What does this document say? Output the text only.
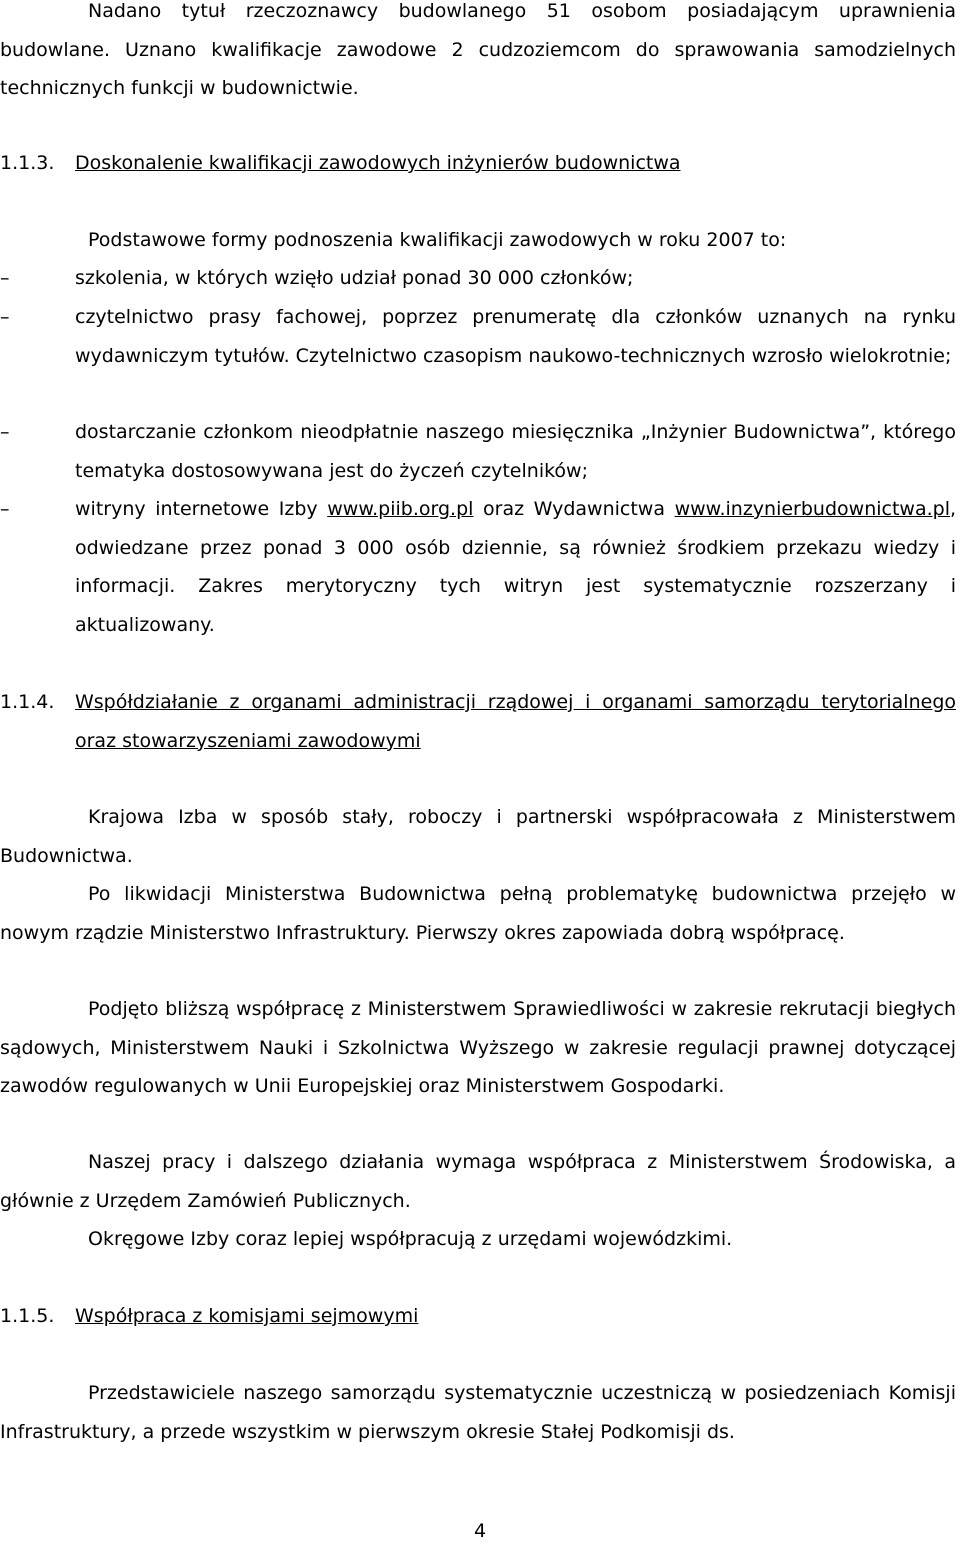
Nadano tytuł rzeczoznawcy budowlanego 51 osobom posiadającym uprawnienia budowlane. Uznano kwalifikacje zawodowe 2 cudzoziemcom do sprawowania samodzielnych technicznych funkcji w budownictwie.

1.1.3. Doskonalenie kwalifikacji zawodowych inżynierów budownictwa

Podstawowe formy podnoszenia kwalifikacji zawodowych w roku 2007 to:

–	szkolenia, w których wzięło udział ponad 30 000 członków;
–	czytelnictwo prasy fachowej, poprzez prenumeratę dla członków uznanych na rynku wydawniczym tytułów. Czytelnictwo czasopism naukowo-technicznych wzrosło wielokrotnie;
–	dostarczanie członkom nieodpłatnie naszego miesięcznika „Inżynier Budownictwa”, którego tematyka dostosowywana jest do życzeń czytelników;
–	witryny internetowe Izby www.piib.org.pl oraz Wydawnictwa www.inzynierbudownictwa.pl, odwiedzane przez ponad 3 000 osób dziennie, są również środkiem przekazu wiedzy i informacji. Zakres merytoryczny tych witryn jest systematycznie rozszerzany i aktualizowany.
1.1.4. Współdziałanie z organami administracji rządowej i organami samorządu terytorialnego oraz stowarzyszeniami zawodowymi

Krajowa Izba w sposób stały, roboczy i partnerski współpracowała z Ministerstwem Budownictwa.

Po likwidacji Ministerstwa Budownictwa pełną problematykę budownictwa przejęło w nowym rządzie Ministerstwo Infrastruktury. Pierwszy okres zapowiada dobrą współpracę.

Podjęto bliższą współpracę z Ministerstwem Sprawiedliwości w zakresie rekrutacji biegłych sądowych, Ministerstwem Nauki i Szkolnictwa Wyższego w zakresie regulacji prawnej dotyczącej zawodów regulowanych w Unii Europejskiej oraz Ministerstwem Gospodarki.

Naszej pracy i dalszego działania wymaga współpraca z Ministerstwem Środowiska, a głównie z Urzędem Zamówień Publicznych.

Okręgowe Izby coraz lepiej współpracują z urzędami wojewódzkimi.

1.1.5. Współpraca z komisjami sejmowymi

Przedstawiciele naszego samorządu systematycznie uczestniczą w posiedzeniach Komisji Infrastruktury, a przede wszystkim w pierwszym okresie Stałej Podkomisji ds.

4
